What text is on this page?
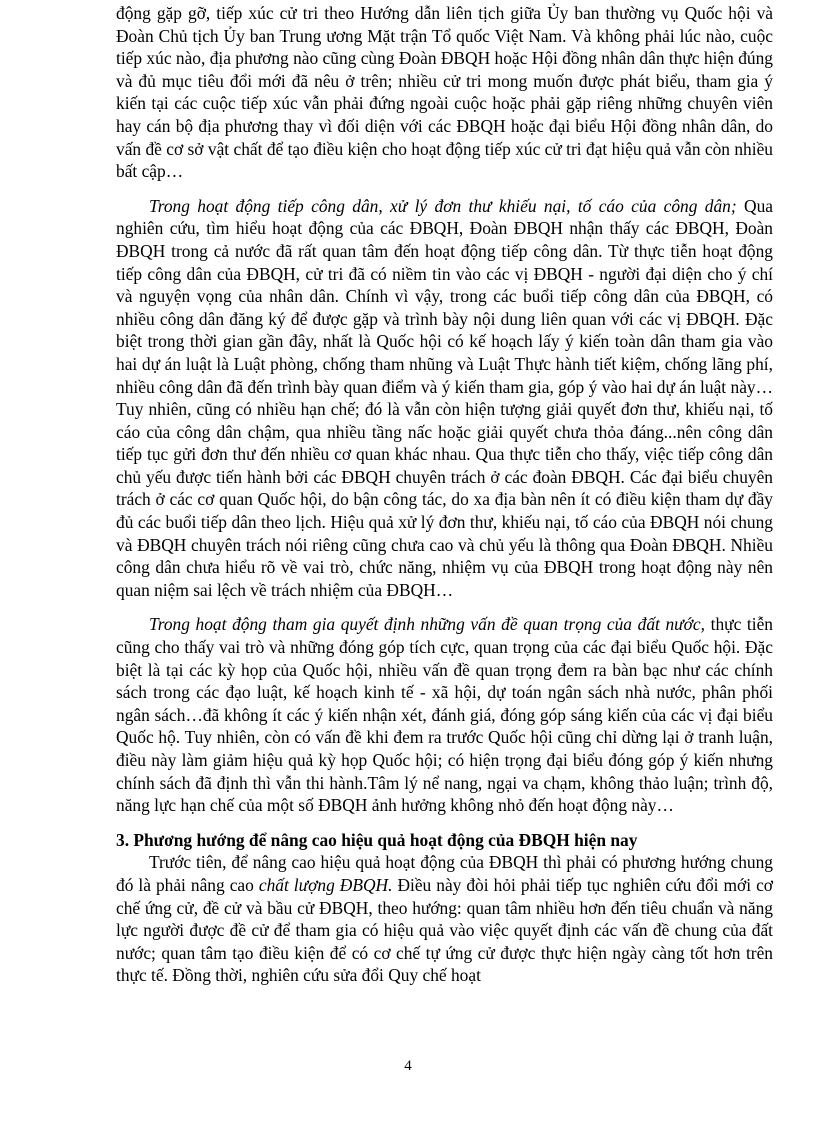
động gặp gỡ, tiếp xúc cử tri theo Hướng dẫn liên tịch giữa Ủy ban thường vụ Quốc hội và Đoàn Chủ tịch Ủy ban Trung ương Mặt trận Tổ quốc Việt Nam. Và không phải lúc nào, cuộc tiếp xúc nào, địa phương nào cũng cùng Đoàn ĐBQH hoặc Hội đồng nhân dân thực hiện đúng và đủ mục tiêu đổi mới đã nêu ở trên; nhiều cử tri mong muốn được phát biểu, tham gia ý kiến tại các cuộc tiếp xúc vẫn phải đứng ngoài cuộc hoặc phải gặp riêng những chuyên viên hay cán bộ địa phương thay vì đối diện với các ĐBQH hoặc đại biểu Hội đồng nhân dân, do vấn đề cơ sở vật chất để tạo điều kiện cho hoạt động tiếp xúc cử tri đạt hiệu quả vẫn còn nhiều bất cập…

Trong hoạt động tiếp công dân, xử lý đơn thư khiếu nại, tố cáo của công dân; Qua nghiên cứu, tìm hiểu hoạt động của các ĐBQH, Đoàn ĐBQH nhận thấy các ĐBQH, Đoàn ĐBQH trong cả nước đã rất quan tâm đến hoạt động tiếp công dân. Từ thực tiễn hoạt động tiếp công dân của ĐBQH, cử tri đã có niềm tin vào các vị ĐBQH - người đại diện cho ý chí và nguyện vọng của nhân dân. Chính vì vậy, trong các buổi tiếp công dân của ĐBQH, có nhiều công dân đăng ký để được gặp và trình bày nội dung liên quan với các vị ĐBQH. Đặc biệt trong thời gian gần đây, nhất là Quốc hội có kế hoạch lấy ý kiến toàn dân tham gia vào hai dự án luật là Luật phòng, chống tham nhũng và Luật Thực hành tiết kiệm, chống lãng phí, nhiều công dân đã đến trình bày quan điểm và ý kiến tham gia, góp ý vào hai dự án luật này…Tuy nhiên, cũng có nhiều hạn chế; đó là vẫn còn hiện tượng giải quyết đơn thư, khiếu nại, tố cáo của công dân chậm, qua nhiều tầng nấc hoặc giải quyết chưa thỏa đáng...nên công dân tiếp tục gửi đơn thư đến nhiều cơ quan khác nhau. Qua thực tiễn cho thấy, việc tiếp công dân chủ yếu được tiến hành bởi các ĐBQH chuyên trách ở các đoàn ĐBQH. Các đại biểu chuyên trách ở các cơ quan Quốc hội, do bận công tác, do xa địa bàn nên ít có điều kiện tham dự đầy đủ các buổi tiếp dân theo lịch. Hiệu quả xử lý đơn thư, khiếu nại, tố cáo của ĐBQH nói chung và ĐBQH chuyên trách nói riêng cũng chưa cao và chủ yếu là thông qua Đoàn ĐBQH. Nhiều công dân chưa hiểu rõ về vai trò, chức năng, nhiệm vụ của ĐBQH trong hoạt động này nên quan niệm sai lệch về trách nhiệm của ĐBQH…

Trong hoạt động tham gia quyết định những vấn đề quan trọng của đất nước, thực tiễn cũng cho thấy vai trò và những đóng góp tích cực, quan trọng của các đại biểu Quốc hội. Đặc biệt là tại các kỳ họp của Quốc hội, nhiều vấn đề quan trọng đem ra bàn bạc như các chính sách trong các đạo luật, kế hoạch kinh tế - xã hội, dự toán ngân sách nhà nước, phân phối ngân sách…đã không ít các ý kiến nhận xét, đánh giá, đóng góp sáng kiến của các vị đại biểu Quốc hộ. Tuy nhiên, còn có vấn đề khi đem ra trước Quốc hội cũng chỉ dừng lại ở tranh luận, điều này làm giảm hiệu quả kỳ họp Quốc hội; có hiện trọng đại biểu đóng góp ý kiến nhưng chính sách đã định thì vẫn thi hành.Tâm lý nể nang, ngại va chạm, không thảo luận; trình độ, năng lực hạn chế của một số ĐBQH ảnh hưởng không nhỏ đến hoạt động này…

3. Phương hướng để nâng cao hiệu quả hoạt động của ĐBQH hiện nay

Trước tiên, để nâng cao hiệu quả hoạt động của ĐBQH thì phải có phương hướng chung đó là phải nâng cao chất lượng ĐBQH. Điều này đòi hỏi phải tiếp tục nghiên cứu đổi mới cơ chế ứng cử, đề cử và bầu cử ĐBQH, theo hướng: quan tâm nhiều hơn đến tiêu chuẩn và năng lực người được đề cử để tham gia có hiệu quả vào việc quyết định các vấn đề chung của đất nước; quan tâm tạo điều kiện để có cơ chế tự ứng cử được thực hiện ngày càng tốt hơn trên thực tế. Đồng thời, nghiên cứu sửa đổi Quy chế hoạt

4
